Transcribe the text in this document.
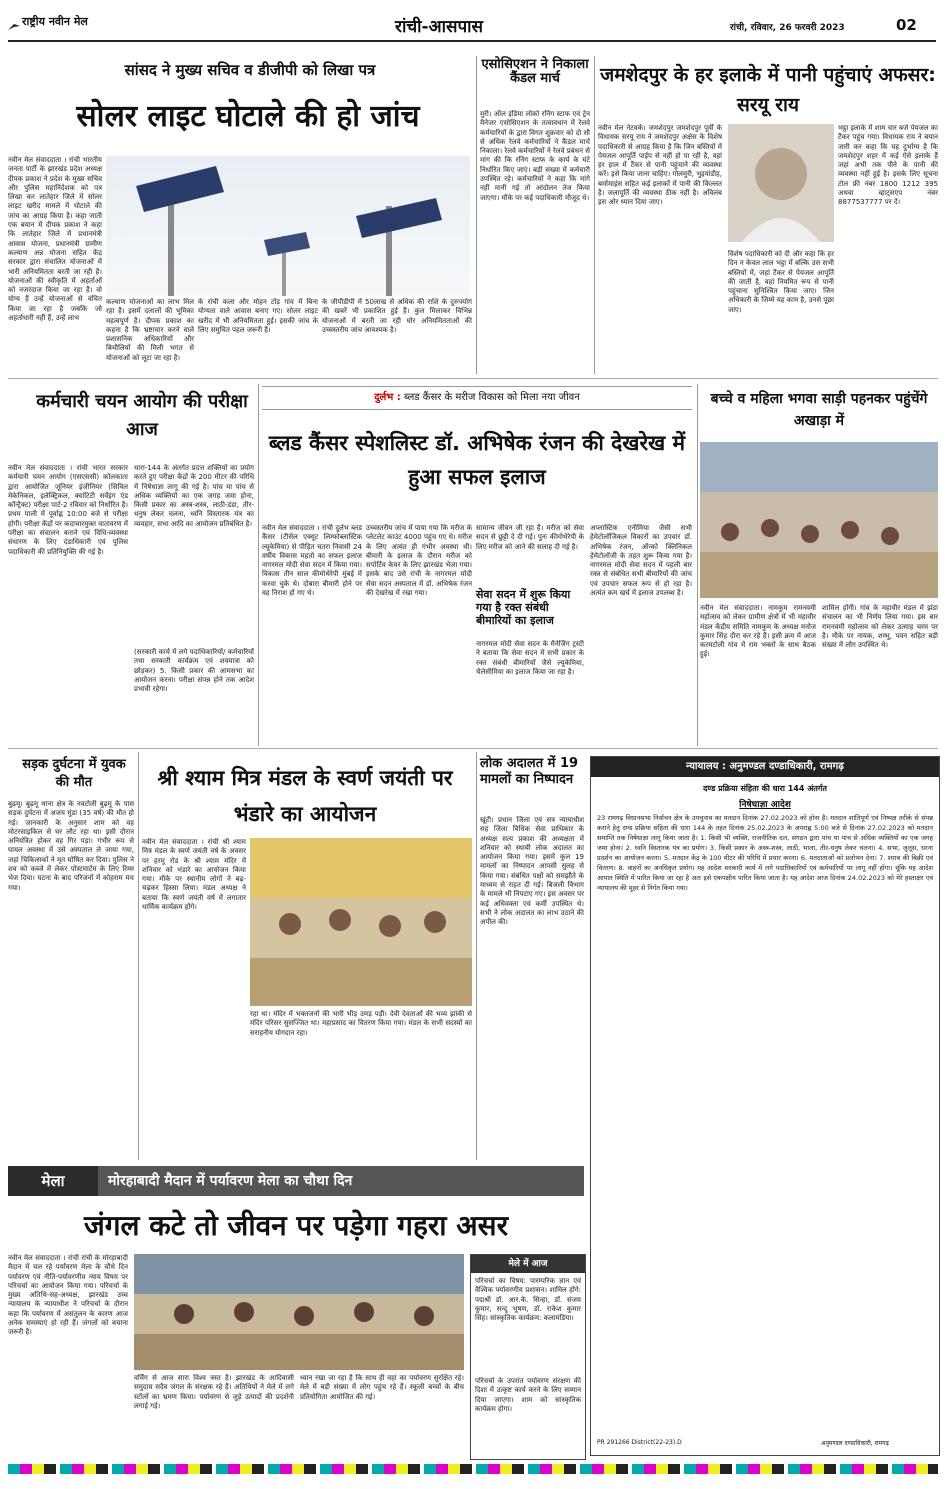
राष्ट्रीय नवीन मेल	रांची-आसपास	रांची, रविवार, 26 फरवरी 2023	02
सांसद ने मुख्य सचिव व डीजीपी को लिखा पत्र
सोलर लाइट घोटाले की हो जांच
नवीन मेल संवाददाता । रांची भारतीय जनता पार्टी के झारखंड प्रदेश अध्यक्ष दीपक प्रकाश ने प्रदेश के मुख्य सचिव और पुलिस महानिदेशक को पत्र लिखा कर लातेहार जिले में सोलर लाइट खरीद मामले में घोटाले की जांच का आग्रह किया है। कहा जाती एक बयान में दीपक प्रकाश ने कहा कि लातेहार जिले में प्रधानमंत्री आवास योजना, प्रधानमंत्री ग्रामीण कल्याण अन्न योजना सहित केंद्र सरकार द्वारा संचालित योजनाओं में भारी अनियमितता बरती जा रही है। योजनाओं की स्वीकृति में अहर्ताओं को नजरंदाज किया जा रहा है। वो योग्य हैं उन्हें योजनाओं से वंचित किया जा रहा है जबकि जो अहर्ताधारी नहीं हैं, उन्हें लाभ
कल्याण योजनाओं का लाभ मिल रहा है। इसमें दलालों की भूमिका महत्वपूर्ण है। दीपक प्रकाश का कहना है कि भ्रष्टाचार करने वाले प्रशासनिक अधिकारियों और बिचौलियों की मिली भगत से योजनाओं को लूटा जा रहा है।
के रांची कला और मोहन टोंड़ गांव में बिना योग्यता वाले आवास बनाए गए। सोलर लाइट खरीद में भी अनियमितता हुई। इसकी जांच के लिए समुचित पहल जरूरी है।
के जीपीडीपी में 50लाख से अधिक की राशि के दुरुपयोग की खबरें भी प्रकाशित हुई हैं। कुल मिलाकर विभिन्न योजनाओं में बरती जा रही घोर अनियमितताओं की उच्चस्तरीय जांच आवश्यक है।
एसोसिएशन ने निकाला कैंडल मार्च
मुरी। ऑल इंडिया लोको रनिंग स्टाफ एवं ट्रेन मैनेजर एसोसिएशन के तत्वावधान में रेलवे कर्मचारियों के द्वारा विगत शुक्रवार को दो सौ से अधिक रेलवे कर्मचारियों ने कैंडल मार्च निकाला। रेलवे कर्मचारियों ने रेलवे प्रबंधन से मांग की कि रनिंग स्टाफ के कार्य के घंटे निर्धारित किए जाएं। बड़ी संख्या में कर्मचारी उपस्थित रहे। कर्मचारियों ने कहा कि मांगे नहीं मानी गई तो आंदोलन तेज किया जाएगा। मौके पर कई पदाधिकारी मौजूद थे।
जमशेदपुर के हर इलाके में पानी पहुंचाएं अफसर: सरयू राय
नवीन मेल नेटवर्क। जमशेदपुर जमशेदपुर पूर्वी के विधायक सरयू राय ने जमशेदपुर अक्षेस के विशेष पदाधिकारी से आग्रह किया है कि जिन बस्तियों में पेयजल आपूर्ति पाईप से नहीं हो पा रही है, वहां हर हाल में टैंकर से पानी पहुंचाने की व्यवस्था करें। इसे किया जाना चाहिए। गोलमुरी, भुइयांडीह, बर्मामाइंस सहित कई इलाकों में पानी की किल्लत है। जलापूर्ति की व्यवस्था ठीक नहीं है। अविलंब इस ओर ध्यान दिया जाए।
विशेष पदाधिकारी को दी और कहा कि हर दिन न केवल लाल भट्ठा में बल्कि उस सभी बस्तियों में, जहां टैंकर से पेयजल आपूर्ति की जाती है, वहां नियमित रूप से पानी पहुंचाना सुनिश्चित किया जाए। जिन अधिकारी के जिम्मे यह काम है, उनसे पूछा जाए।
भट्ठा इलाके में शाम चार बजे पेयजल का टैंकर पहुंच गया। विधायक राय ने बयान जारी कर कहा कि यह दुर्भाग्य है कि जमशेदपुर शहर में कई ऐसे इलाके हैं जहां अभी तक पीने के पानी की व्यवस्था नहीं हुई है। इसके लिए सूचना टोल फ्री नंबर 1800 1212 395 अथवा व्हाट्सएप नंबर 8877537777 पर दें।
कर्मचारी चयन आयोग की परीक्षा आज
नवीन मेल संवाददाता । रांची भारत सरकार कर्मचारी चयन आयोग (एसएससी) कोलकाता द्वारा आयोजित जूनियर इंजीनियर (सिविल मेकेनिकल, इलेक्ट्रिकल, क्वांटिटी सर्वेइंग एंड कॉन्ट्रैक्ट) परीक्षा पार्ट-2 रविवार को निर्धारित है। प्रथम पाली में पूर्वाह्न 10:00 बजे से परीक्षा होगी। परीक्षा केंद्रों पर कदाचारमुक्त वातावरण में परीक्षा का संचालन कराने एवं विधि-व्यवस्था संधारण के लिए दंडाधिकारी एवं पुलिस पदाधिकारी की प्रतिनियुक्ति की गई है।
धारा-144 के अंतर्गत प्रदत्त शक्तियों का प्रयोग करते हुए परीक्षा केंद्रों के 200 मीटर की परिधि में निषेधाज्ञा लागू की गई है। पांच या पांच से अधिक व्यक्तियों का एक जगह जमा होना, किसी प्रकार का अस्त्र-शस्त्र, लाठी-डंडा, तीर-धनुष लेकर चलना, ध्वनि विस्तारक यंत्र का व्यवहार, सभा आदि का आयोजन प्रतिबंधित है।
(सरकारी कार्य में लगे पदाधिकारियों/ कर्मचारियों तथा सरकारी कार्यक्रम एवं शवयात्रा को छोड़कर) 5. किसी प्रकार की आमसभा का आयोजन करना। परीक्षा संपन्न होने तक आदेश प्रभावी रहेगा।
दुर्लभ : ब्लड कैंसर के मरीज विकास को मिला नया जीवन
ब्लड कैंसर स्पेशलिस्ट डॉ. अभिषेक रंजन की देखरेख में हुआ सफल इलाज
नवीन मेल संवाददाता । रांची दुर्लभ ब्लड कैंसर (टीसेल एक्यूट लिम्फोब्लास्टिक ल्यूकेमिया) से पीड़ित चतरा निवासी 24 वर्षीय विकास महतो का सफल इलाज नागरमल मोदी सेवा सदन में किया गया। विकास तीन साल कीमोथेरेपी मुंबई में करवा चुके थे। दोबारा बीमारी होने पर वह निराश हो गए थे।
उच्चस्तरीय जांच में पाया गया कि मरीज के प्लेटलेट काउंट 4000 पहुंच गए थे। मरीज के लिए अत्यंत ही गंभीर अवस्था थी। बीमारी के इलाज के दौरान मरीज को सपोर्टिव केयर के लिए झारखंड भेजा गया। इसके बाद उसे रांची के नागरमल मोदी सेवा सदन अस्पताल में डॉ. अभिषेक रंजन की देखरेख में रखा गया।
सामान्य जीवन जी रहा है। मरीज को सेवा सदन से छुट्टी दे दी गई। पुनः कीमोथेरेपी के लिए मरीज को आने की सलाह दी गई है।
सेवा सदन में शुरू किया गया है रक्त संबंधी बीमारियों का इलाज
नागरमल मोदी सेवा सदन के मैनेजिंग ट्रस्टी ने बताया कि सेवा सदन में सभी प्रकार के रक्त संबंधी बीमारियों जैसे ल्यूकेमिया, थैलेसीमिया का इलाज किया जा रहा है।
अप्लास्टिक एनीमिया जैसी सभी हेमेटोलॉजिकल विकारों का उपचार डॉ. अभिषेक रंजन, ऑन्को क्लिनिकल हेमेटोलॉजी के तहत शुरू किया गया है। नागरमल मोदी सेवा सदन में पहली बार रक्त से संबंधित सभी बीमारियों की जांच एवं उपचार सफल रूप से हो रहा है। अत्यंत कम खर्च में इलाज उपलब्ध है।
बच्चे व महिला भगवा साड़ी पहनकर पहुंचेंगे अखाड़ा में
नवीन मेल संवाददाता। नामकुम रामनवमी महोत्सव को लेकर ग्रामीण क्षेत्रों में भी महावीर मंडल केंद्रीय समिति नामकुम के अध्यक्ष मनोज कुमार सिंह दौरा कर रहे हैं। इसी क्रम में आज करमटोली गांव में राम भक्तों के साथ बैठक हुई।
शामिल होंगी। गांव के महावीर मंडल में झंडा संचालन का भी निर्णय लिया गया। इस बार रामनवमी महोत्सव को लेकर उत्साह चरम पर है। मौके पर नायक, शम्भु, पवन सहित बड़ी संख्या में लोग उपस्थित थे।
सड़क दुर्घटना में युवक की मौत
बुढ़मू। बुढ़मू थाना क्षेत्र के नवटोली बुढ़मू के पास सड़क दुर्घटना में अजय मुंडा (35 वर्ष) की मौत हो गई। जानकारी के अनुसार शाम को वह मोटरसाइकिल से घर लौट रहा था। इसी दौरान अनियंत्रित होकर वह गिर पड़ा। गंभीर रूप से घायल अवस्था में उसे अस्पताल ले जाया गया, जहां चिकित्सकों ने मृत घोषित कर दिया। पुलिस ने शव को कब्जे में लेकर पोस्टमार्टम के लिए रिम्स भेज दिया। घटना के बाद परिजनों में कोहराम मच गया।
श्री श्याम मित्र मंडल के स्वर्ण जयंती पर भंडारे का आयोजन
नवीन मेल संवाददाता । रांची श्री श्याम मित्र मंडल के स्वर्ण जयंती वर्ष के अवसर पर हरमू रोड के श्री श्याम मंदिर में शनिवार को भंडारे का आयोजन किया गया। मौके पर स्थानीय लोगों ने बढ़-चढ़कर हिस्सा लिया। मंडल अध्यक्ष ने बताया कि स्वर्ण जयंती वर्ष में लगातार धार्मिक कार्यक्रम होंगे।
रहा था। मंदिर में भक्तजनों की भारी भीड़ उमड़ पड़ी। देवी देवताओं की भव्य झांकी से मंदिर परिसर सुसज्जित था। महाप्रसाद का वितरण किया गया। मंडल के सभी सदस्यों का सराहनीय योगदान रहा।
लोक अदालत में 19 मामलों का निष्पादन
खूंटी। प्रधान जिला एवं सत्र न्यायाधीश सह जिला विधिक सेवा प्राधिकार के अध्यक्ष सत्य प्रकाश की अध्यक्षता में शनिवार को स्थायी लोक अदालत का आयोजन किया गया। इसमें कुल 19 मामलों का निष्पादन आपसी सुलह से किया गया। संबंधित पक्षों को समझौते के माध्यम से राहत दी गई। बिजली विभाग के मामले भी निपटाए गए। इस अवसर पर कई अधिवक्ता एवं कर्मी उपस्थित थे। सभी ने लोक अदालत का लाभ उठाने की अपील की।
न्यायालय : अनुमण्डल दण्डाधिकारी, रामगढ़
दण्ड प्रक्रिया संहिता की धारा 144 अंतर्गत
निषेधाज्ञा आदेश
23 रामगढ़ विधानसभा निर्वाचन क्षेत्र के उपचुनाव का मतदान दिनांक 27.02.2023 को होना है। मतदान शांतिपूर्ण एवं निष्पक्ष तरीके से संपन्न कराने हेतु दण्ड प्रक्रिया संहिता की धारा 144 के तहत दिनांक 25.02.2023 के अपराह्न 5:00 बजे से दिनांक 27.02.2023 को मतदान समाप्ति तक निषेधाज्ञा लागू किया जाता है। 1. किसी भी व्यक्ति, राजनीतिक दल, संगठन द्वारा पांच या पांच से अधिक व्यक्तियों का एक जगह जमा होना। 2. ध्वनि विस्तारक यंत्र का प्रयोग। 3. किसी प्रकार के अस्त्र-शस्त्र, लाठी, भाला, तीर-धनुष लेकर चलना। 4. सभा, जुलूस, धरना प्रदर्शन का आयोजन करना। 5. मतदान केंद्र के 100 मीटर की परिधि में प्रचार करना। 6. मतदाताओं को प्रलोभन देना। 7. शराब की बिक्री एवं वितरण। 8. वाहनों का अनधिकृत प्रयोग। यह आदेश सरकारी कार्य में लगे पदाधिकारियों एवं कर्मचारियों पर लागू नहीं होगा। चूंकि यह आदेश आपात स्थिति में पारित किया जा रहा है अतः इसे एकपक्षीय पारित किया जाता है। यह आदेश आज दिनांक 24.02.2023 को मेरे हस्ताक्षर एवं न्यायालय की मुहर से निर्गत किया गया।
PR 291266 District(22-23).D	अनुमण्डल दण्डाधिकारी, रामगढ़
मेला	मोरहाबादी मैदान में पर्यावरण मेला का चौथा दिन
जंगल कटे तो जीवन पर पड़ेगा गहरा असर
नवीन मेल संवाददाता । रांची रांची के मोरहाबादी मैदान में चल रहे पर्यावरण मेला के चौथे दिन पर्यावरण एवं नीति-पर्यावरणीय न्याय विषय पर परिचर्चा का आयोजन किया गया। परिचर्चा के मुख्य अतिथि-सह-अध्यक्ष, झारखंड उच्च न्यायालय के न्यायाधीश ने परिचर्चा के दौरान कहा कि पर्यावरण में असंतुलन के कारण आज अनेक समस्याएं हो रही हैं। जंगलों को बचाना जरूरी है।
वर्मिंग से आज सारा विश्व त्रस्त है। झारखंड के आदिवासी समुदाय सदैव जंगल के संरक्षक रहे हैं। अतिथियों ने मेले में लगे स्टॉलों का भ्रमण किया। पर्यावरण से जुड़े उत्पादों की प्रदर्शनी लगाई गई।
ध्यान रखा जा रहा है कि साथ ही वहां का पर्यावरण सुरक्षित रहे। मेले में बड़ी संख्या में लोग पहुंच रहे हैं। स्कूली बच्चों के बीच प्रतियोगिता आयोजित की गई।
मेले में आज
परिचर्चा का विषय: पारम्परिक ज्ञान एवं वैश्विक पर्यावरणीय प्रशासन। शामिल होंगे: पद्मश्री डॉ. आर.के. सिन्हा, डॉ. संजय कुमार, सन्दू भूषण, डॉ. राकेश कुमार सिंह। सांस्कृतिक कार्यक्रम: कलामंडिया।
परिचर्चा के उपरांत पर्यावरण संरक्षण की दिशा में उत्कृष्ट कार्य करने के लिए सम्मान दिया जाएगा। शाम को सांस्कृतिक कार्यक्रम होगा।
